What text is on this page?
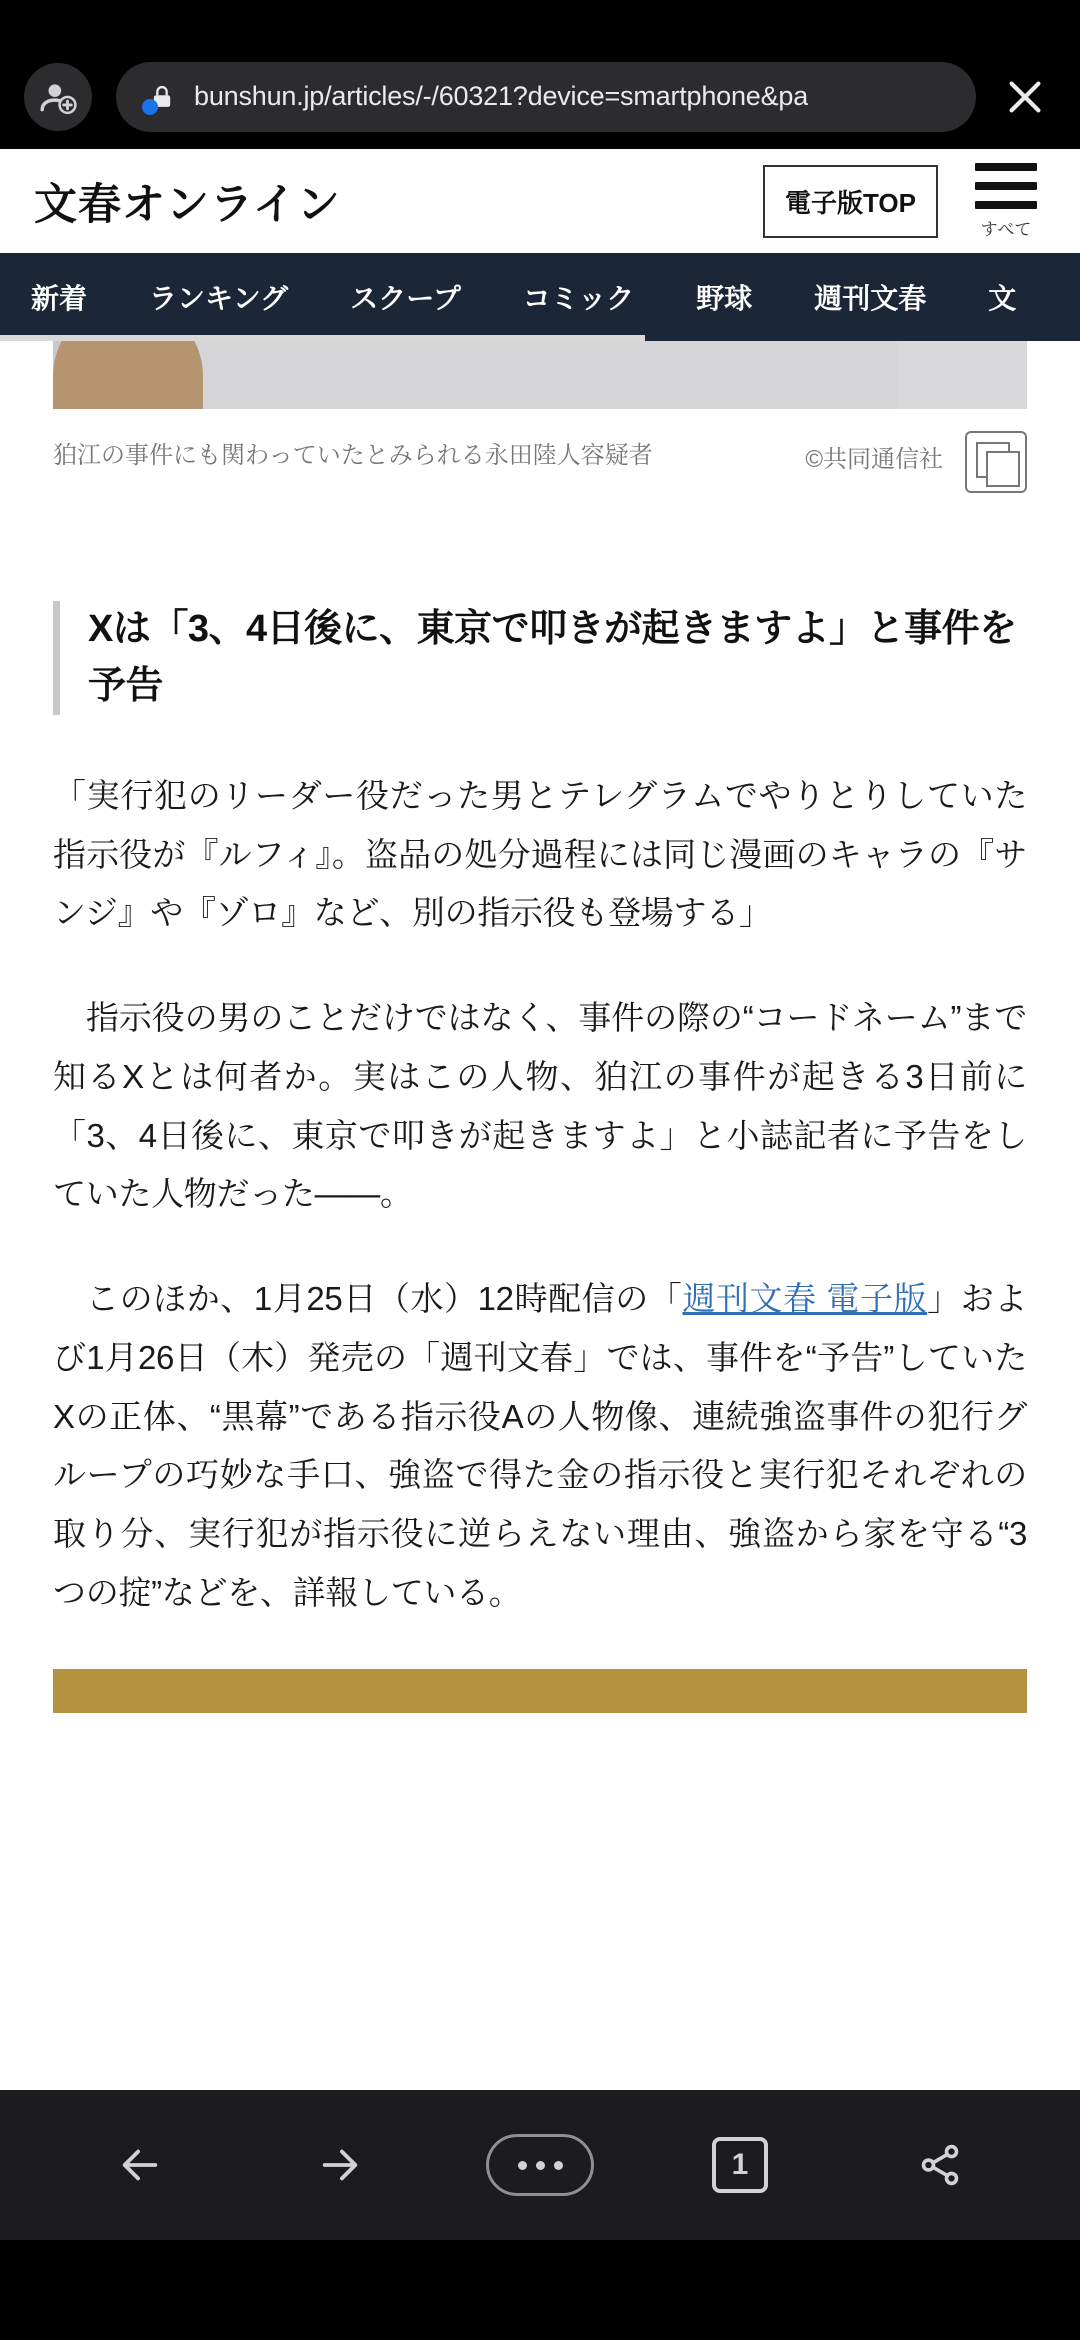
bunshun.jp/articles/-/60321?device=smartphone&pa
文春オンライン	電子版TOP
すべて
新着	ランキング	スクープ	コミック	野球	週刊文春	文
狛江の事件にも関わっていたとみられる永田陸人容疑者	©共同通信社
Xは「3、4日後に、東京で叩きが起きますよ」と事件を予告

「実行犯のリーダー役だった男とテレグラムでやりとりしていた指示役が『ルフィ』。盗品の処分過程には同じ漫画のキャラの『サンジ』や『ゾロ』など、別の指示役も登場する」

指示役の男のことだけではなく、事件の際の“コードネーム”まで知るXとは何者か。実はこの人物、狛江の事件が起きる3日前に「3、4日後に、東京で叩きが起きますよ」と小誌記者に予告をしていた人物だった――。

このほか、1月25日（水）12時配信の「週刊文春 電子版」および1月26日（木）発売の「週刊文春」では、事件を“予告”していたXの正体、“黒幕”である指示役Aの人物像、連続強盗事件の犯行グループの巧妙な手口、強盗で得た金の指示役と実行犯それぞれの取り分、実行犯が指示役に逆らえない理由、強盗から家を守る“3つの掟”などを、詳報している。

1
